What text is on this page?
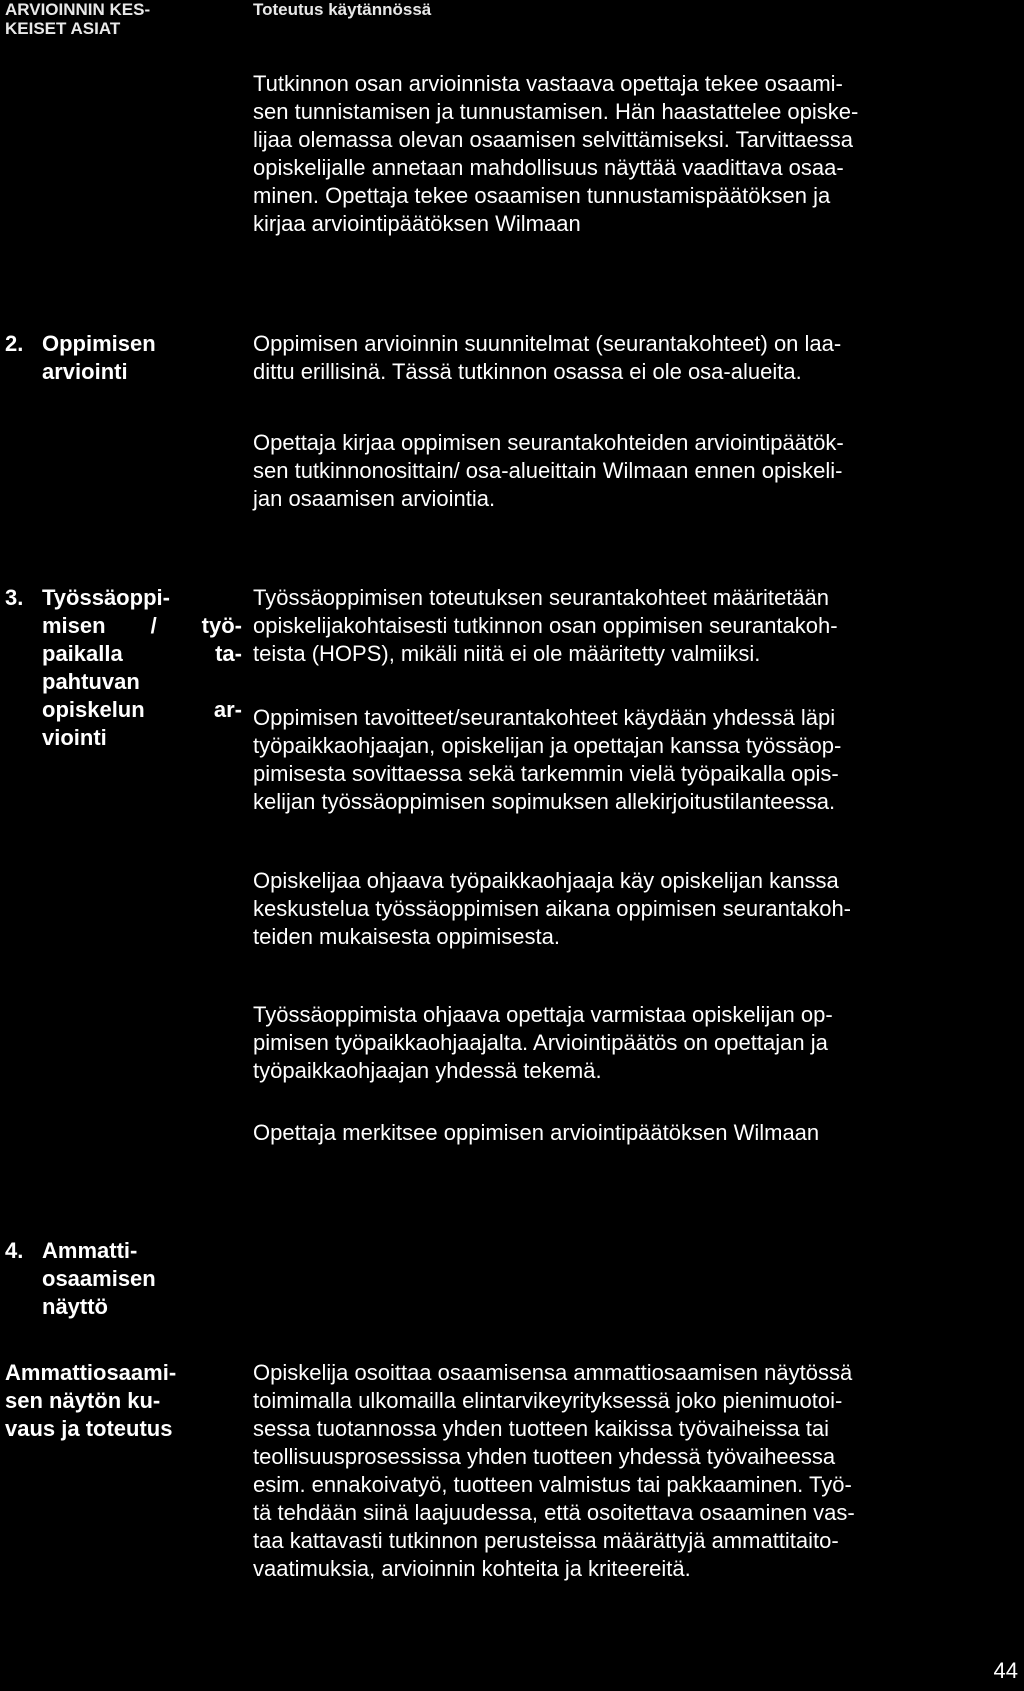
ARVIOINNIN KES-
KEISET ASIAT
Toteutus käytännössä
Tutkinnon osan arvioinnista vastaava opettaja tekee osaami-
sen tunnistamisen ja tunnustamisen. Hän haastattelee opiske-
lijaa olemassa olevan osaamisen selvittämiseksi. Tarvittaessa
opiskelijalle annetaan mahdollisuus näyttää vaadittava osaa-
minen. Opettaja tekee osaamisen tunnustamispäätöksen ja
kirjaa arviointipäätöksen Wilmaan
2. Oppimisen
arviointi
Oppimisen arvioinnin suunnitelmat (seurantakohteet) on laa-
dittu erillisinä. Tässä tutkinnon osassa ei ole osa-alueita.
Opettaja kirjaa oppimisen seurantakohteiden arviointipäätök-
sen tutkinnonosittain/ osa-alueittain Wilmaan ennen opiskeli-
jan osaamisen arviointia.
3. Työssäoppi-
misen / työ-
paikalla	ta-
pahtuvan
opiskelun	ar-
viointi
Työssäoppimisen toteutuksen seurantakohteet määritetään
opiskelijakohtaisesti tutkinnon osan oppimisen seurantakoh-
teista (HOPS), mikäli niitä ei ole määritetty valmiiksi.
Oppimisen tavoitteet/seurantakohteet käydään yhdessä läpi
työpaikkaohjaajan, opiskelijan ja opettajan kanssa työssäop-
pimisesta sovittaessa sekä tarkemmin vielä työpaikalla opis-
kelijan työssäoppimisen sopimuksen allekirjoitustilanteessa.
Opiskelijaa ohjaava työpaikkaohjaaja käy opiskelijan kanssa
keskustelua työssäoppimisen aikana oppimisen seurantakoh-
teiden mukaisesta oppimisesta.
Työssäoppimista ohjaava opettaja varmistaa opiskelijan op-
pimisen työpaikkaohjaajalta. Arviointipäätös on opettajan ja
työpaikkaohjaajan yhdessä tekemä.
Opettaja merkitsee oppimisen arviointipäätöksen Wilmaan
4. Ammatti-
osaamisen
näyttö
Ammattiosaami-
sen näytön ku-
vaus ja toteutus
Opiskelija osoittaa osaamisensa ammattiosaamisen näytössä
toimimalla ulkomailla elintarvikeyrityksessä joko pienimuotoi-
sessa tuotannossa yhden tuotteen kaikissa työvaiheissa tai
teollisuusprosessissa yhden tuotteen yhdessä työvaiheessa
esim. ennakoivatyö, tuotteen valmistus tai pakkaaminen. Työ-
tä tehdään siinä laajuudessa, että osoitettava osaaminen vas-
taa kattavasti tutkinnon perusteissa määrättyjä ammattitaito-
vaatimuksia, arvioinnin kohteita ja kriteereitä.
44
